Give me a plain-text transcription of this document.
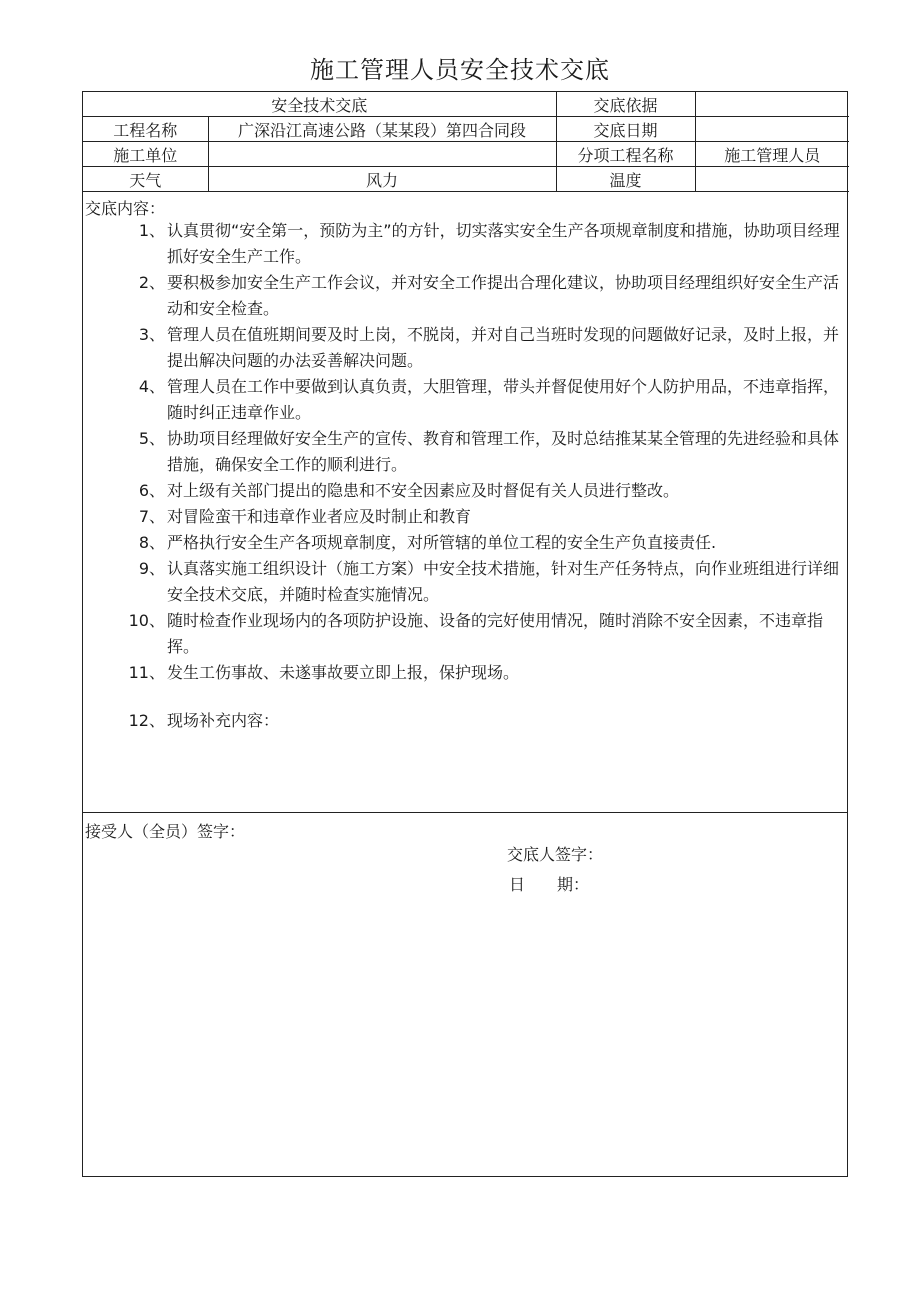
施工管理人员安全技术交底
安全技术交底		交底依据	
工程名称	广深沿江高速公路（某某段）第四合同段	交底日期	
施工单位		分项工程名称	施工管理人员
天气	风力	温度	
交底内容：
1、 认真贯彻“安全第一，预防为主”的方针，切实落实安全生产各项规章制度和措施，协助项目经理抓好安全生产工作。
2、 要积极参加安全生产工作会议，并对安全工作提出合理化建议，协助项目经理组织好安全生产活动和安全检查。
3、 管理人员在值班期间要及时上岗，不脱岗，并对自己当班时发现的问题做好记录，及时上报，并提出解决问题的办法妥善解决问题。
4、 管理人员在工作中要做到认真负责，大胆管理，带头并督促使用好个人防护用品，不违章指挥，随时纠正违章作业。
5、 协助项目经理做好安全生产的宣传、教育和管理工作，及时总结推某某全管理的先进经验和具体措施，确保安全工作的顺利进行。
6、 对上级有关部门提出的隐患和不安全因素应及时督促有关人员进行整改。
7、 对冒险蛮干和违章作业者应及时制止和教育
8、 严格执行安全生产各项规章制度，对所管辖的单位工程的安全生产负直接责任.
9、 认真落实施工组织设计（施工方案）中安全技术措施，针对生产任务特点，向作业班组进行详细安全技术交底，并随时检查实施情况。
10、 随时检查作业现场内的各项防护设施、设备的完好使用情况，随时消除不安全因素，不违章指挥。
11、 发生工伤事故、未遂事故要立即上报，保护现场。
12、 现场补充内容：
交底人签字：
日　　期：
接受人（全员）签字：
